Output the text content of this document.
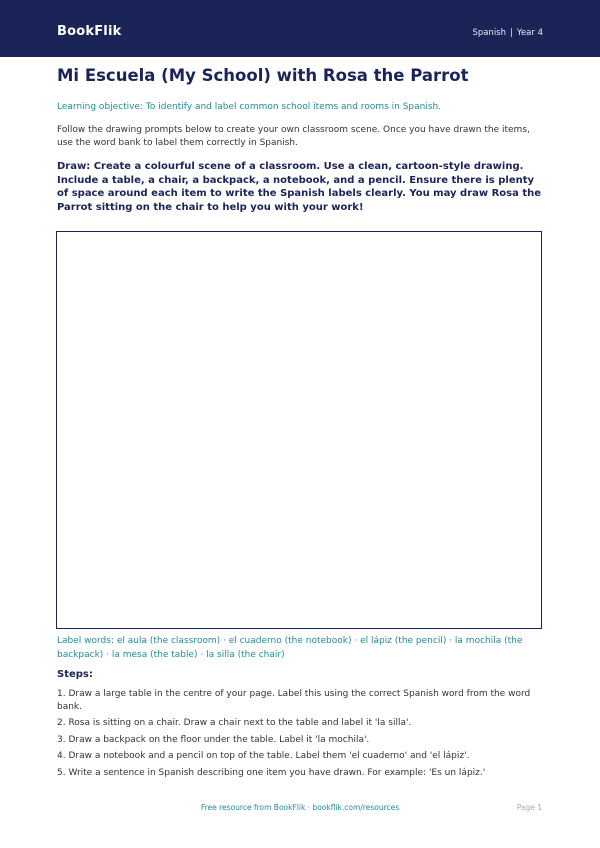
BookFlik	Spanish | Year 4
Mi Escuela (My School) with Rosa the Parrot
Learning objective: To identify and label common school items and rooms in Spanish.
Follow the drawing prompts below to create your own classroom scene. Once you have drawn the items, use the word bank to label them correctly in Spanish.
Draw: Create a colourful scene of a classroom. Use a clean, cartoon-style drawing. Include a table, a chair, a backpack, a notebook, and a pencil. Ensure there is plenty of space around each item to write the Spanish labels clearly. You may draw Rosa the Parrot sitting on the chair to help you with your work!
Label words: el aula (the classroom) · el cuaderno (the notebook) · el lápiz (the pencil) · la mochila (the backpack) · la mesa (the table) · la silla (the chair)
Steps:
1. Draw a large table in the centre of your page. Label this using the correct Spanish word from the word bank.
2. Rosa is sitting on a chair. Draw a chair next to the table and label it 'la silla'.
3. Draw a backpack on the floor under the table. Label it 'la mochila'.
4. Draw a notebook and a pencil on top of the table. Label them 'el cuaderno' and 'el lápiz'.
5. Write a sentence in Spanish describing one item you have drawn. For example: 'Es un lápiz.'
Free resource from BookFlik · bookflik.com/resources	Page 1
